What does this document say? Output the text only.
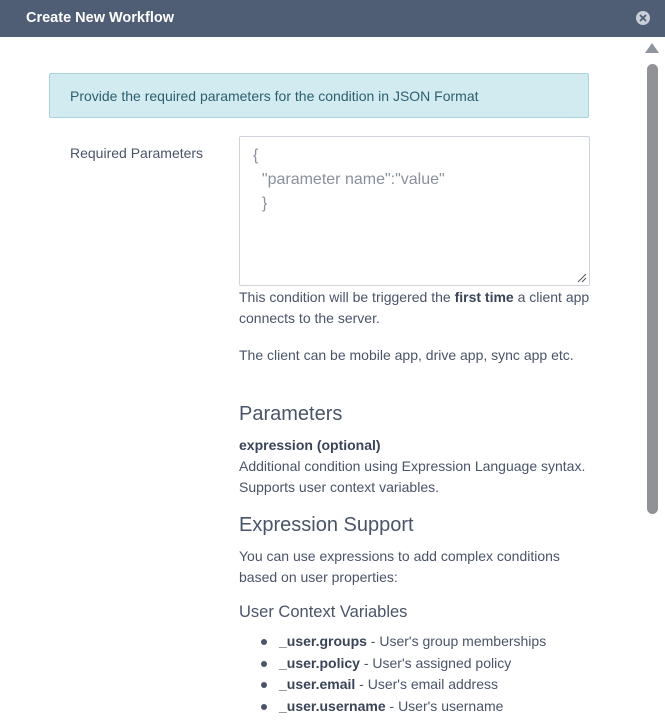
Create New Workflow
Provide the required parameters for the condition in JSON Format
Required Parameters	{
"parameter name":"value"
}
This condition will be triggered the first time a client app connects to the server.
The client can be mobile app, drive app, sync app etc.
Parameters
expression (optional)
Additional condition using Expression Language syntax. Supports user context variables.
Expression Support
You can use expressions to add complex conditions based on user properties:
User Context Variables
_user.groups - User's group memberships
_user.policy - User's assigned policy
_user.email - User's email address
_user.username - User's username
